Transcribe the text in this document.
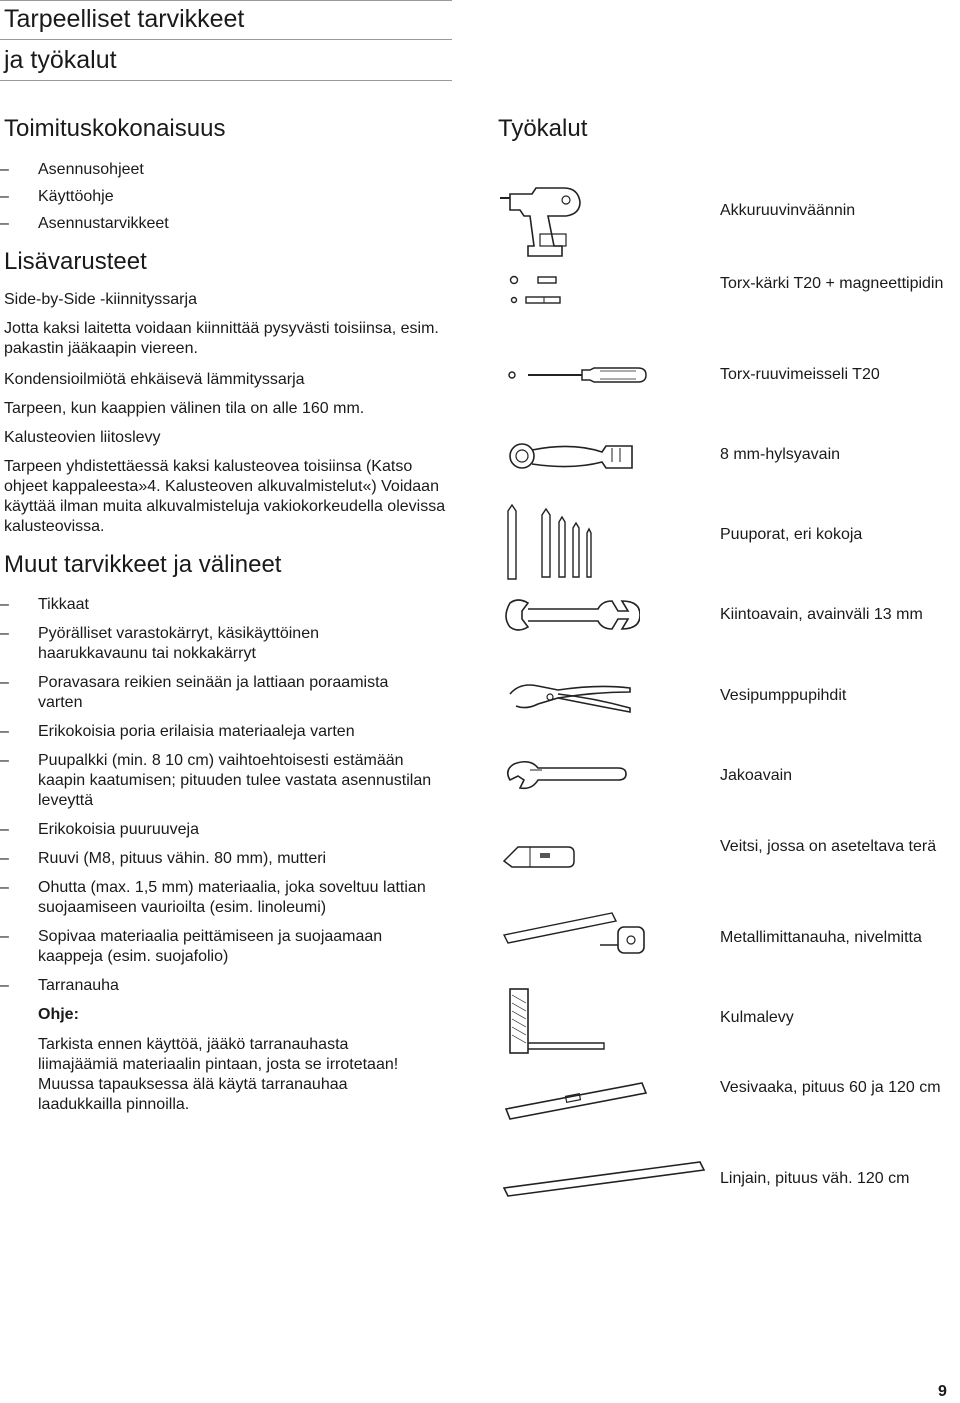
Tarpeelliset tarvikkeet
ja työkalut
Toimituskokonaisuus
– Asennusohjeet
– Käyttöohje
– Asennustarvikkeet
Lisävarusteet
Side-by-Side -kiinnityssarja
Jotta kaksi laitetta voidaan kiinnittää pysyvästi toisiinsa, esim. pakastin jääkaapin viereen.
Kondensioilmiötä ehkäisevä lämmityssarja
Tarpeen, kun kaappien välinen tila on alle 160 mm.
Kalusteovien liitoslevy
Tarpeen yhdistettäessä kaksi kalusteovea toisiinsa (Katso ohjeet kappaleesta»4. Kalusteoven alkuvalmistelut«) Voidaan käyttää ilman muita alkuvalmisteluja vakiokorkeudella olevissa kalusteovissa.
Muut tarvikkeet ja välineet
– Tikkaat
– Pyörälliset varastokärryt, käsikäyttöinen haarukkavaunu tai nokkakärryt
– Poravasara reikien seinään ja lattiaan poraamista varten
– Erikokoisia poria erilaisia materiaaleja varten
– Puupalkki (min. 8 10 cm) vaihtoehtoisesti estämään kaapin kaatumisen; pituuden tulee vastata asennustilan leveyttä
– Erikokoisia puuruuveja
– Ruuvi (M8, pituus vähin. 80 mm), mutteri
– Ohutta (max. 1,5 mm) materiaalia, joka soveltuu lattian suojaamiseen vaurioilta (esim. linoleumi)
– Sopivaa materiaalia peittämiseen ja suojaamaan kaappeja (esim. suojafolio)
– Tarranauha
Ohje:
Tarkista ennen käyttöä, jääkö tarranauhasta liimajäämiä materiaalin pintaan, josta se irrotetaan! Muussa tapauksessa älä käytä tarranauhaa laadukkailla pinnoilla.
Työkalut
Akkuruuvinväännin
Torx-kärki T20 + magneettipidin
Torx-ruuvimeisseli T20
8 mm-hylsyavain
Puuporat, eri kokoja
Kiintoavain, avainväli 13 mm
Vesipumppupihdit
Jakoavain
Veitsi, jossa on aseteltava terä
Metallimittanauha, nivelmitta
Kulmalevy
Vesivaaka, pituus 60 ja 120 cm
Linjain, pituus väh. 120 cm
9
